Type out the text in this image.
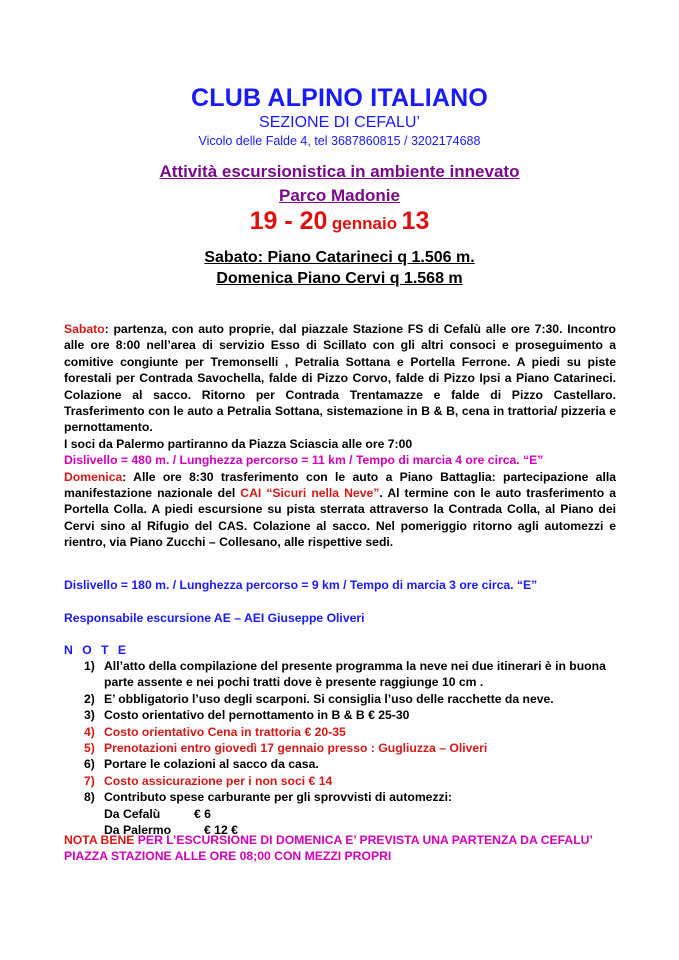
CLUB ALPINO ITALIANO
SEZIONE DI CEFALU’
Vicolo delle Falde 4, tel 3687860815 / 3202174688
Attività escursionistica in ambiente innevato
Parco Madonie
19 - 20 gennaio 13
Sabato: Piano Catarineci q 1.506 m.
Domenica Piano Cervi q 1.568 m

Sabato: partenza, con auto proprie, dal piazzale Stazione FS di Cefalù alle ore 7:30. Incontro alle ore 8:00 nell’area di servizio Esso di Scillato con gli altri consoci e proseguimento a comitive congiunte per Tremonselli , Petralia Sottana e Portella Ferrone. A piedi su piste forestali per Contrada Savochella, falde di Pizzo Corvo, falde di Pizzo Ipsi a Piano Catarineci. Colazione al sacco. Ritorno per Contrada Trentamazze e falde di Pizzo Castellaro. Trasferimento con le auto a Petralia Sottana, sistemazione in B & B, cena in trattoria/ pizzeria e pernottamento.

I soci da Palermo partiranno da Piazza Sciascia alle ore 7:00

Dislivello = 480 m. / Lunghezza percorso = 11 km / Tempo di marcia 4 ore circa. “E”

Domenica: Alle ore 8:30 trasferimento con le auto a Piano Battaglia: partecipazione alla manifestazione nazionale del CAI “Sicuri nella Neve”. Al termine con le auto trasferimento a Portella Colla. A piedi escursione su pista sterrata attraverso la Contrada Colla, al Piano dei Cervi sino al Rifugio del CAS. Colazione al sacco. Nel pomeriggio ritorno agli automezzi e rientro, via Piano Zucchi – Collesano, alle rispettive sedi.

Dislivello = 180 m. / Lunghezza percorso = 9 km / Tempo di marcia 3 ore circa. “E”
Responsabile escursione AE – AEI Giuseppe Oliveri
N O T E
1) All’atto della compilazione del presente programma la neve nei due itinerari è in buona parte assente e nei pochi tratti dove è presente raggiunge 10 cm .
2) E’ obbligatorio l’uso degli scarponi. Si consiglia l’uso delle racchette da neve.
3) Costo orientativo del pernottamento in B & B € 25-30
4) Costo orientativo Cena in trattoria € 20-35
5) Prenotazioni entro giovedì 17 gennaio presso : Gugliuzza – Oliveri
6) Portare le colazioni al sacco da casa.
7) Costo assicurazione per i non soci € 14
8) Contributo spese carburante per gli sprovvisti di automezzi:
Da Cefalù	€ 6
Da Palermo	€ 12 €
NOTA BENE PER L’ESCURSIONE DI DOMENICA E’ PREVISTA UNA PARTENZA DA CEFALU’ PIAZZA STAZIONE ALLE ORE 08;00 CON MEZZI PROPRI
